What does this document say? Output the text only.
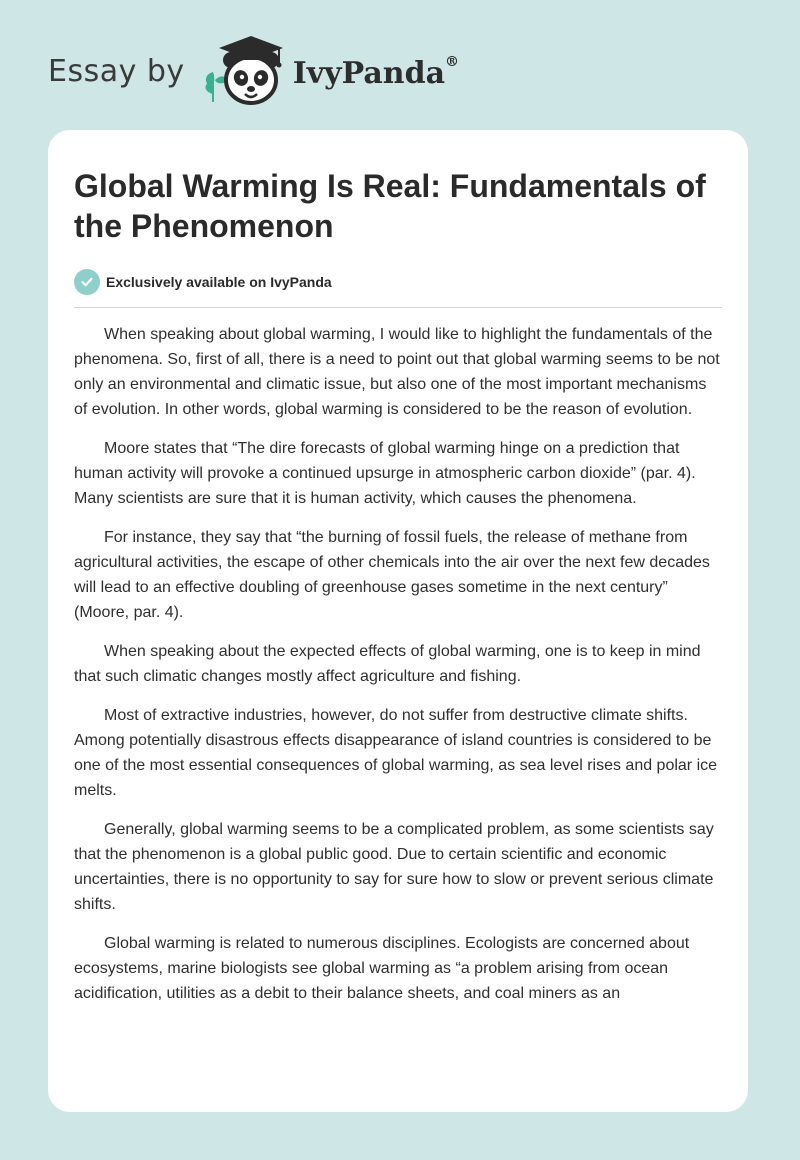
Essay by	IvyPanda®
Global Warming Is Real: Fundamentals of the Phenomenon
Exclusively available on IvyPanda

When speaking about global warming, I would like to highlight the fundamentals of the phenomena. So, first of all, there is a need to point out that global warming seems to be not only an environmental and climatic issue, but also one of the most important mechanisms of evolution. In other words, global warming is considered to be the reason of evolution.

Moore states that “The dire forecasts of global warming hinge on a prediction that human activity will provoke a continued upsurge in atmospheric carbon dioxide” (par. 4). Many scientists are sure that it is human activity, which causes the phenomena.

For instance, they say that “the burning of fossil fuels, the release of methane from agricultural activities, the escape of other chemicals into the air over the next few decades will lead to an effective doubling of greenhouse gases sometime in the next century” (Moore, par. 4).

When speaking about the expected effects of global warming, one is to keep in mind that such climatic changes mostly affect agriculture and fishing.

Most of extractive industries, however, do not suffer from destructive climate shifts. Among potentially disastrous effects disappearance of island countries is considered to be one of the most essential consequences of global warming, as sea level rises and polar ice melts.

Generally, global warming seems to be a complicated problem, as some scientists say that the phenomenon is a global public good. Due to certain scientific and economic uncertainties, there is no opportunity to say for sure how to slow or prevent serious climate shifts.

Global warming is related to numerous disciplines. Ecologists are concerned about ecosystems, marine biologists see global warming as “a problem arising from ocean acidification, utilities as a debit to their balance sheets, and coal miners as an
